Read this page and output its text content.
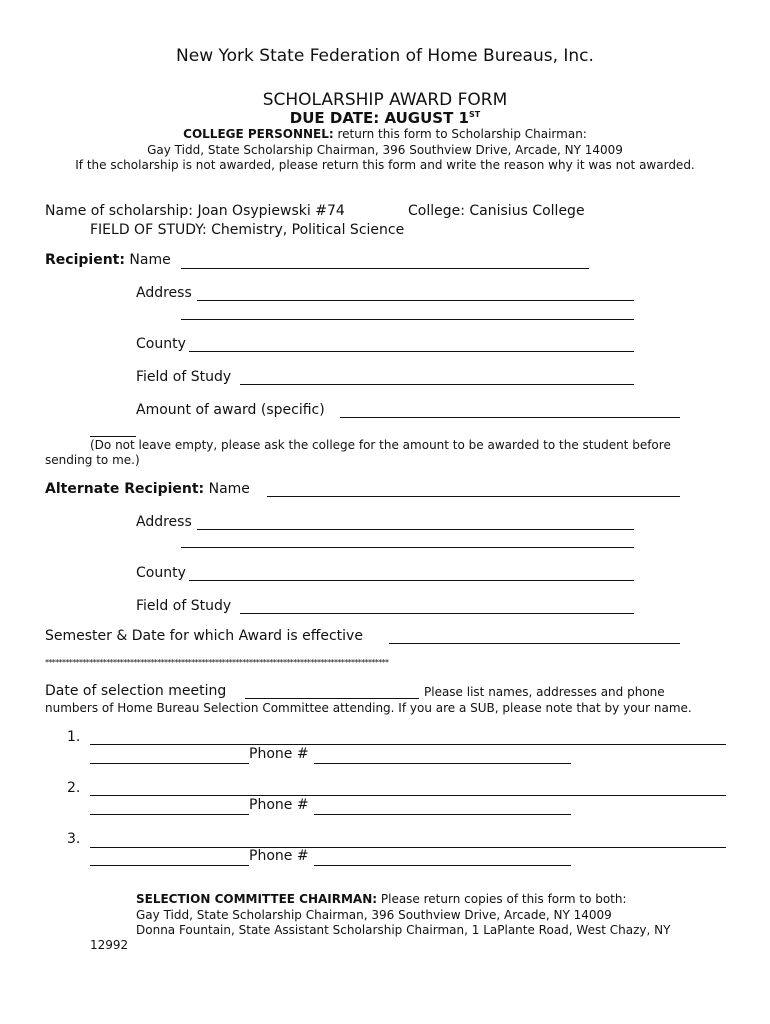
New York State Federation of Home Bureaus, Inc.
SCHOLARSHIP AWARD FORM
DUE DATE: AUGUST 1ST
COLLEGE PERSONNEL: return this form to Scholarship Chairman:
Gay Tidd, State Scholarship Chairman, 396 Southview Drive, Arcade, NY 14009
If the scholarship is not awarded, please return this form and write the reason why it was not awarded.
Name of scholarship: Joan Osypiewski #74	College: Canisius College
FIELD OF STUDY: Chemistry, Political Science
Recipient: Name
Address
County
Field of Study
Amount of award (specific)
(Do not leave empty, please ask the college for the amount to be awarded to the student before
sending to me.)
Alternate Recipient: Name
Address
County
Field of Study
Semester & Date for which Award is effective
*****************************************************************************************************
Date of selection meeting	Please list names, addresses and phone
numbers of Home Bureau Selection Committee attending. If you are a SUB, please note that by your name.
1.
Phone #
2.
Phone #
3.
Phone #
SELECTION COMMITTEE CHAIRMAN: Please return copies of this form to both:
Gay Tidd, State Scholarship Chairman, 396 Southview Drive, Arcade, NY 14009
Donna Fountain, State Assistant Scholarship Chairman, 1 LaPlante Road, West Chazy, NY
12992
